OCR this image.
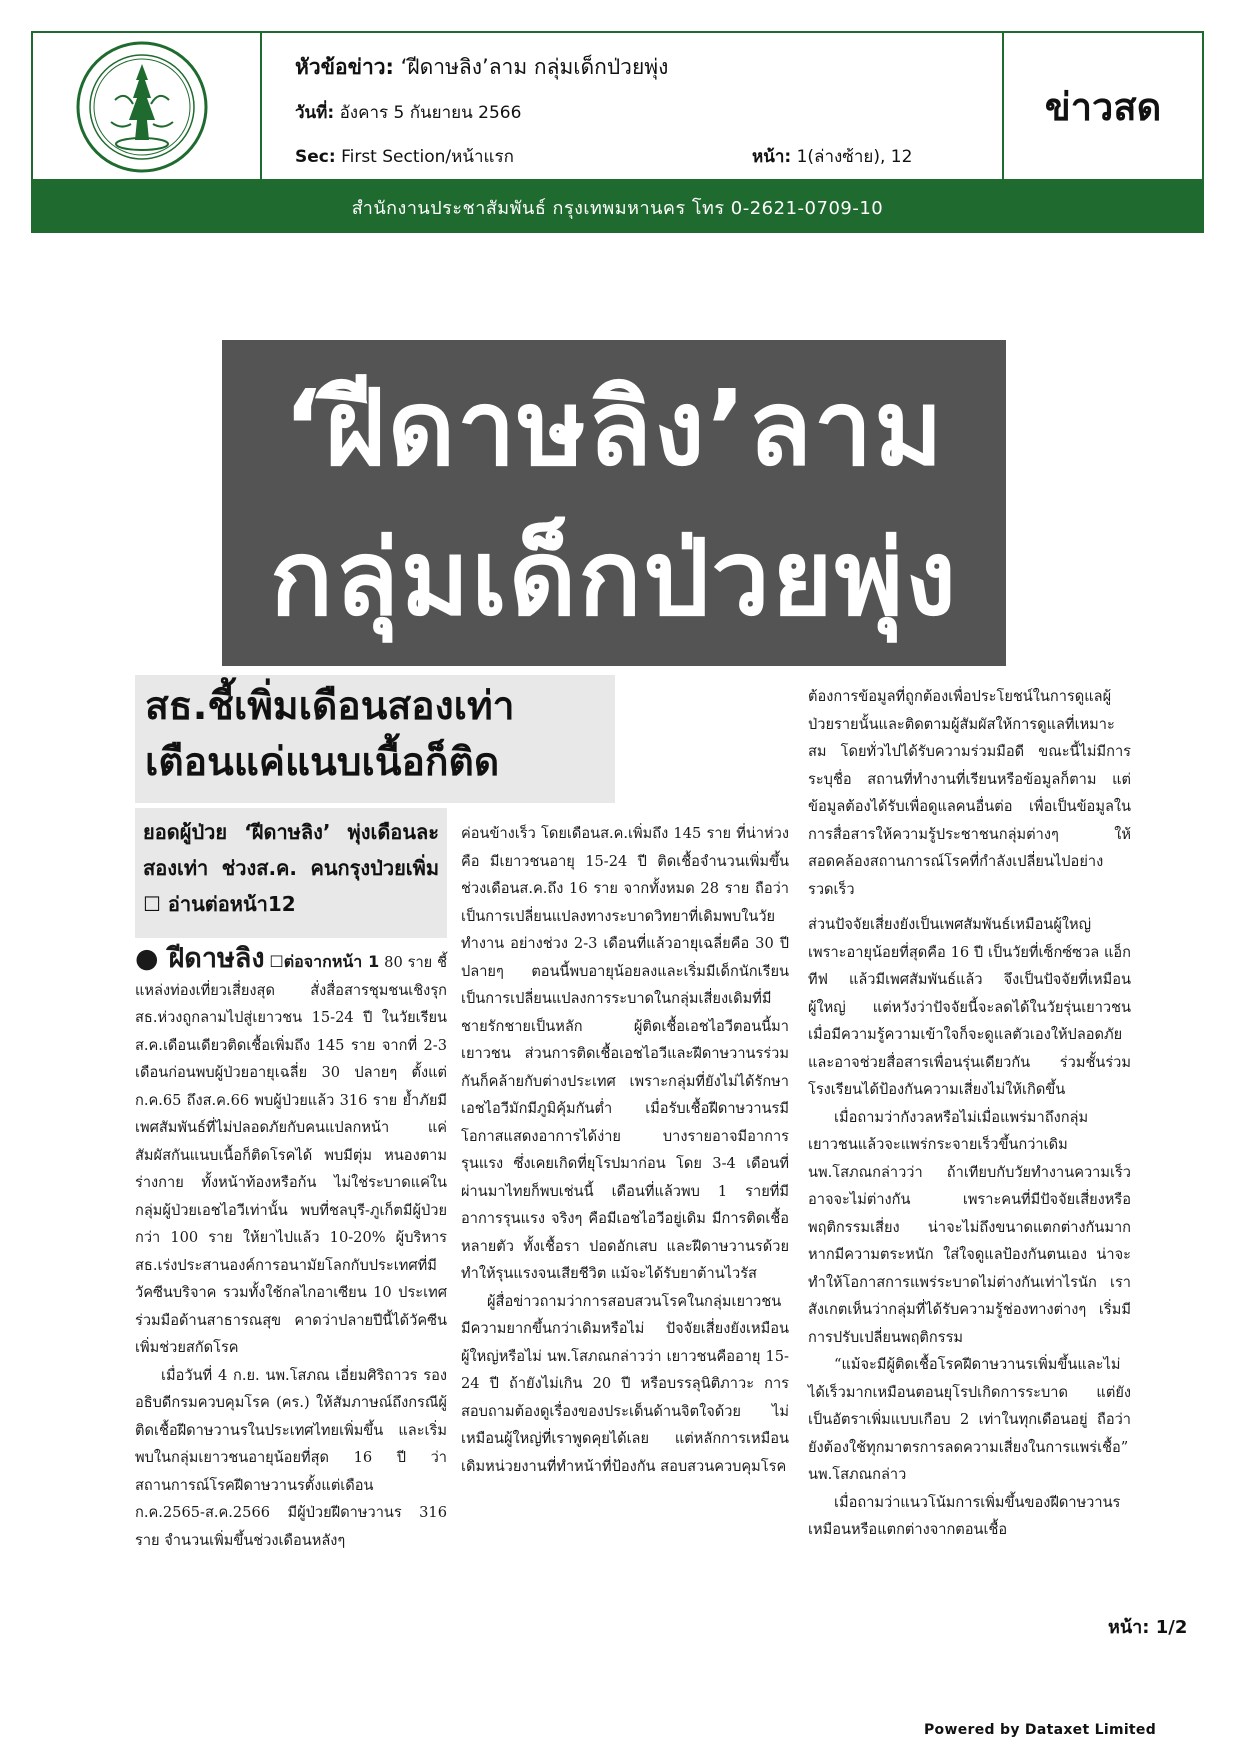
หัวข้อข่าว: ‘ฝีดาษลิง’ลาม กลุ่มเด็กป่วยพุ่ง
วันที่: อังคาร 5 กันยายน 2566
Sec: First Section/หน้าแรก	หน้า: 1(ล่างซ้าย), 12
ข่าวสด
สำนักงานประชาสัมพันธ์ กรุงเทพมหานคร โทร 0-2621-0709-10
‘ฝีดาษลิง’ลาม
กลุ่มเด็กป่วยพุ่ง
สธ.ชี้เพิ่มเดือนสองเท่า
เตือนแค่แนบเนื้อก็ติด
ยอดผู้ป่วย ‘ฝีดาษลิง’ พุ่งเดือนละสองเท่า ช่วงส.ค. คนกรุงป่วยเพิ่ม ☐ อ่านต่อหน้า12

● ฝีดาษลิง ☐ต่อจากหน้า 1 80 ราย ชี้แหล่งท่องเที่ยวเสี่ยงสุด สั่งสื่อสารชุมชนเชิงรุก สธ.ห่วงถูกลามไปสู่เยาวชน 15-24 ปี ในวัยเรียน ส.ค.เดือนเดียวติดเชื้อเพิ่มถึง 145 ราย จากที่ 2-3 เดือนก่อนพบผู้ป่วยอายุเฉลี่ย 30 ปลายๆ ตั้งแต่ก.ค.65 ถึงส.ค.66 พบผู้ป่วยแล้ว 316 ราย ย้ำภัยมีเพศสัมพันธ์ที่ไม่ปลอดภัยกับคนแปลกหน้า แค่สัมผัสกันแนบเนื้อก็ติดโรคได้ พบมีตุ่ม หนองตามร่างกาย ทั้งหน้าท้องหรือก้น ไม่ใช่ระบาดแค่ในกลุ่มผู้ป่วยเอชไอวีเท่านั้น พบที่ชลบุรี-ภูเก็ตมีผู้ป่วยกว่า 100 ราย ให้ยาไปแล้ว 10-20% ผู้บริหารสธ.เร่งประสานองค์การอนามัยโลกกับประเทศที่มีวัคซีนบริจาค รวมทั้งใช้กลไกอาเซียน 10 ประเทศร่วมมือด้านสาธารณสุข คาดว่าปลายปีนี้ได้วัคซีนเพิ่มช่วยสกัดโรค

เมื่อวันที่ 4 ก.ย. นพ.โสภณ เอี่ยมศิริถาวร รองอธิบดีกรมควบคุมโรค (คร.) ให้สัมภาษณ์ถึงกรณีผู้ติดเชื้อฝีดาษวานรในประเทศไทยเพิ่มขึ้น และเริ่มพบในกลุ่มเยาวชนอายุน้อยที่สุด 16 ปี ว่า สถานการณ์โรคฝีดาษวานรตั้งแต่เดือน ก.ค.2565-ส.ค.2566 มีผู้ป่วยฝีดาษวานร 316 ราย จำนวนเพิ่มขึ้นช่วงเดือนหลังๆ

ค่อนข้างเร็ว โดยเดือนส.ค.เพิ่มถึง 145 ราย ที่น่าห่วงคือ มีเยาวชนอายุ 15-24 ปี ติดเชื้อจำนวนเพิ่มขึ้นช่วงเดือนส.ค.ถึง 16 ราย จากทั้งหมด 28 ราย ถือว่าเป็นการเปลี่ยนแปลงทางระบาดวิทยาที่เดิมพบในวัยทำงาน อย่างช่วง 2-3 เดือนที่แล้วอายุเฉลี่ยคือ 30 ปีปลายๆ ตอนนี้พบอายุน้อยลงและเริ่มมีเด็กนักเรียน เป็นการเปลี่ยนแปลงการระบาดในกลุ่มเสี่ยงเดิมที่มีชายรักชายเป็นหลัก ผู้ติดเชื้อเอชไอวีตอนนี้มาเยาวชน ส่วนการติดเชื้อเอชไอวีและฝีดาษวานรร่วมกันก็คล้ายกับต่างประเทศ เพราะกลุ่มที่ยังไม่ได้รักษาเอชไอวีมักมีภูมิคุ้มกันต่ำ เมื่อรับเชื้อฝีดาษวานรมีโอกาสแสดงอาการได้ง่าย บางรายอาจมีอาการรุนแรง ซึ่งเคยเกิดที่ยุโรปมาก่อน โดย 3-4 เดือนที่ผ่านมาไทยก็พบเช่นนี้ เดือนที่แล้วพบ 1 รายที่มีอาการรุนแรง จริงๆ คือมีเอชไอวีอยู่เดิม มีการติดเชื้อหลายตัว ทั้งเชื้อรา ปอดอักเสบ และฝีดาษวานรด้วย ทำให้รุนแรงจนเสียชีวิต แม้จะได้รับยาต้านไวรัส

ผู้สื่อข่าวถามว่าการสอบสวนโรคในกลุ่มเยาวชนมีความยากขึ้นกว่าเดิมหรือไม่ ปัจจัยเสี่ยงยังเหมือนผู้ใหญ่หรือไม่ นพ.โสภณกล่าวว่า เยาวชนคืออายุ 15-24 ปี ถ้ายังไม่เกิน 20 ปี หรือบรรลุนิติภาวะ การสอบถามต้องดูเรื่องของประเด็นด้านจิตใจด้วย ไม่เหมือนผู้ใหญ่ที่เราพูดคุยได้เลย แต่หลักการเหมือนเดิมหน่วยงานที่ทำหน้าที่ป้องกัน สอบสวนควบคุมโรค

ต้องการข้อมูลที่ถูกต้องเพื่อประโยชน์ในการดูแลผู้ป่วยรายนั้นและติดตามผู้สัมผัสให้การดูแลที่เหมาะสม โดยทั่วไปได้รับความร่วมมือดี ขณะนี้ไม่มีการระบุชื่อ สถานที่ทำงานที่เรียนหรือข้อมูลก็ตาม แต่ข้อมูลต้องได้รับเพื่อดูแลคนอื่นต่อ เพื่อเป็นข้อมูลในการสื่อสารให้ความรู้ประชาชนกลุ่มต่างๆ ให้สอดคล้องสถานการณ์โรคที่กำลังเปลี่ยนไปอย่างรวดเร็ว

ส่วนปัจจัยเสี่ยงยังเป็นเพศสัมพันธ์เหมือนผู้ใหญ่ เพราะอายุน้อยที่สุดคือ 16 ปี เป็นวัยที่เซ็กซ์ซวล แอ็กทีฟ แล้วมีเพศสัมพันธ์แล้ว จึงเป็นปัจจัยที่เหมือนผู้ใหญ่ แต่หวังว่าปัจจัยนี้จะลดได้ในวัยรุ่นเยาวชนเมื่อมีความรู้ความเข้าใจก็จะดูแลตัวเองให้ปลอดภัย และอาจช่วยสื่อสารเพื่อนรุ่นเดียวกัน ร่วมชั้นร่วมโรงเรียนได้ป้องกันความเสี่ยงไม่ให้เกิดขึ้น

เมื่อถามว่ากังวลหรือไม่เมื่อแพร่มาถึงกลุ่มเยาวชนแล้วจะแพร่กระจายเร็วขึ้นกว่าเดิม นพ.โสภณกล่าวว่า ถ้าเทียบกับวัยทำงานความเร็วอาจจะไม่ต่างกัน เพราะคนที่มีปัจจัยเสี่ยงหรือพฤติกรรมเสี่ยง น่าจะไม่ถึงขนาดแตกต่างกันมาก หากมีความตระหนัก ใส่ใจดูแลป้องกันตนเอง น่าจะทำให้โอกาสการแพร่ระบาดไม่ต่างกันเท่าไรนัก เราสังเกตเห็นว่ากลุ่มที่ได้รับความรู้ช่องทางต่างๆ เริ่มมีการปรับเปลี่ยนพฤติกรรม

“แม้จะมีผู้ติดเชื้อโรคฝีดาษวานรเพิ่มขึ้นและไม่ได้เร็วมากเหมือนตอนยุโรปเกิดการระบาด แต่ยังเป็นอัตราเพิ่มแบบเกือบ 2 เท่าในทุกเดือนอยู่ ถือว่ายังต้องใช้ทุกมาตรการลดความเสี่ยงในการแพร่เชื้อ” นพ.โสภณกล่าว

เมื่อถามว่าแนวโน้มการเพิ่มขึ้นของฝีดาษวานรเหมือนหรือแตกต่างจากตอนเชื้อ

หน้า: 1/2
Powered by Dataxet Limited
